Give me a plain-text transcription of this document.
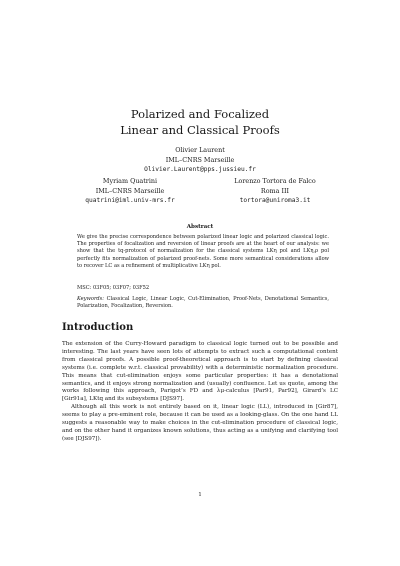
Polarized and Focalized
Linear and Classical Proofs
Olivier Laurent
IML–CNRS Marseille
Olivier.Laurent@pps.jussieu.fr
Myriam Quatrini
IML–CNRS Marseille
quatrini@iml.univ-mrs.fr
Lorenzo Tortora de Falco
Roma III
tortora@uniroma3.it
Abstract
We give the precise correspondence between polarized linear logic and polarized classical logic. The properties of focalization and reversion of linear proofs are at the heart of our analysis: we show that the tq-protocol of normalization for the classical systems LKη pol and LKη,ρ pol perfectly fits normalization of polarized proof-nets. Some more semantical considerations allow to recover LC as a refinement of multiplicative LKη pol.
MSC: 03F05; 03F07; 03F52
Keywords: Classical Logic, Linear Logic, Cut-Elimination, Proof-Nets, Denotational Semantics, Polarization, Focalization, Reversion.
Introduction

The extension of the Curry-Howard paradigm to classical logic turned out to be possible and interesting. The last years have seen lots of attempts to extract such a computational content from classical proofs. A possible proof-theoretical approach is to start by defining classical systems (i.e. complete w.r.t. classical provability) with a deterministic normalization procedure. This means that cut-elimination enjoys some particular properties: it has a denotational semantics, and it enjoys strong normalization and (usually) confluence. Let us quote, among the works following this approach, Parigot’s FD and λμ-calculus [Par91, Par92], Girard’s LC [Gir91a], LKtq and its subsystems [DJS97].

Although all this work is not entirely based on it, linear logic (LL), introduced in [Gir87], seems to play a pre-eminent role, because it can be used as a looking-glass. On the one hand LL suggests a reasonable way to make choices in the cut-elimination procedure of classical logic, and on the other hand it organizes known solutions, thus acting as a unifying and clarifying tool (see [DJS97]).

1
